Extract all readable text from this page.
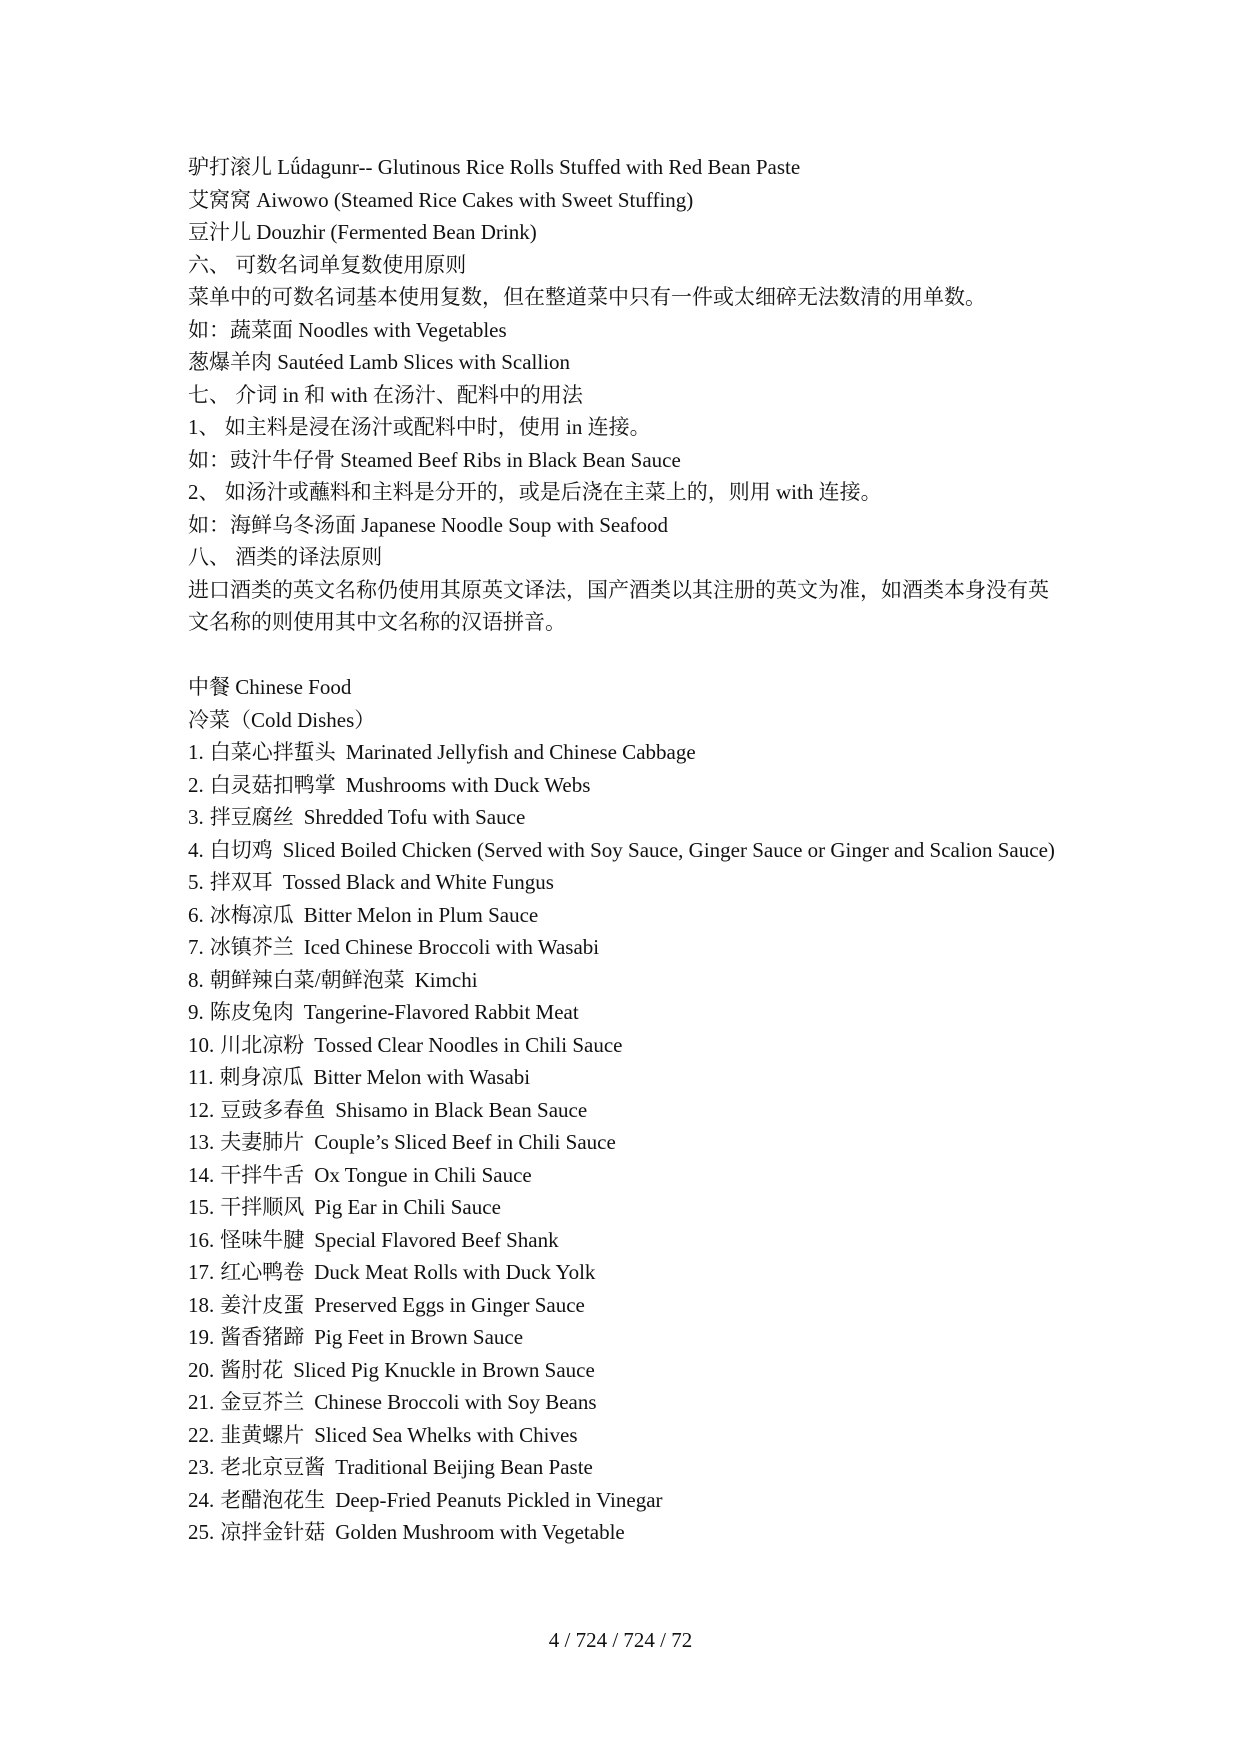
驴打滚儿 Lǘdagunr-- Glutinous Rice Rolls Stuffed with Red Bean Paste
艾窝窝 Aiwowo (Steamed Rice Cakes with Sweet Stuffing)
豆汁儿 Douzhir (Fermented Bean Drink)
六、 可数名词单复数使用原则
菜单中的可数名词基本使用复数，但在整道菜中只有一件或太细碎无法数清的用单数。
如：蔬菜面 Noodles with Vegetables
葱爆羊肉 Sautéed Lamb Slices with Scallion
七、 介词 in 和 with 在汤汁、配料中的用法
1、 如主料是浸在汤汁或配料中时，使用 in 连接。
如：豉汁牛仔骨 Steamed Beef Ribs in Black Bean Sauce
2、 如汤汁或蘸料和主料是分开的，或是后浇在主菜上的，则用 with 连接。
如：海鲜乌冬汤面 Japanese Noodle Soup with Seafood
八、 酒类的译法原则
进口酒类的英文名称仍使用其原英文译法，国产酒类以其注册的英文为准，如酒类本身没有英文名称的则使用其中文名称的汉语拼音。
中餐 Chinese Food
冷菜（Cold Dishes）
1. 白菜心拌蜇头 Marinated Jellyfish and Chinese Cabbage
2. 白灵菇扣鸭掌 Mushrooms with Duck Webs
3. 拌豆腐丝 Shredded Tofu with Sauce
4. 白切鸡 Sliced Boiled Chicken (Served with Soy Sauce, Ginger Sauce or Ginger and Scalion Sauce)
5. 拌双耳 Tossed Black and White Fungus
6. 冰梅凉瓜 Bitter Melon in Plum Sauce
7. 冰镇芥兰 Iced Chinese Broccoli with Wasabi
8. 朝鲜辣白菜/朝鲜泡菜 Kimchi
9. 陈皮兔肉 Tangerine-Flavored Rabbit Meat
10. 川北凉粉 Tossed Clear Noodles in Chili Sauce
11. 刺身凉瓜 Bitter Melon with Wasabi
12. 豆豉多春鱼 Shisamo in Black Bean Sauce
13. 夫妻肺片 Couple’s Sliced Beef in Chili Sauce
14. 干拌牛舌 Ox Tongue in Chili Sauce
15. 干拌顺风 Pig Ear in Chili Sauce
16. 怪味牛腱 Special Flavored Beef Shank
17. 红心鸭卷 Duck Meat Rolls with Duck Yolk
18. 姜汁皮蛋 Preserved Eggs in Ginger Sauce
19. 酱香猪蹄 Pig Feet in Brown Sauce
20. 酱肘花 Sliced Pig Knuckle in Brown Sauce
21. 金豆芥兰 Chinese Broccoli with Soy Beans
22. 韭黄螺片 Sliced Sea Whelks with Chives
23. 老北京豆酱 Traditional Beijing Bean Paste
24. 老醋泡花生 Deep-Fried Peanuts Pickled in Vinegar
25. 凉拌金针菇 Golden Mushroom with Vegetable
4 / 724 / 724 / 72
